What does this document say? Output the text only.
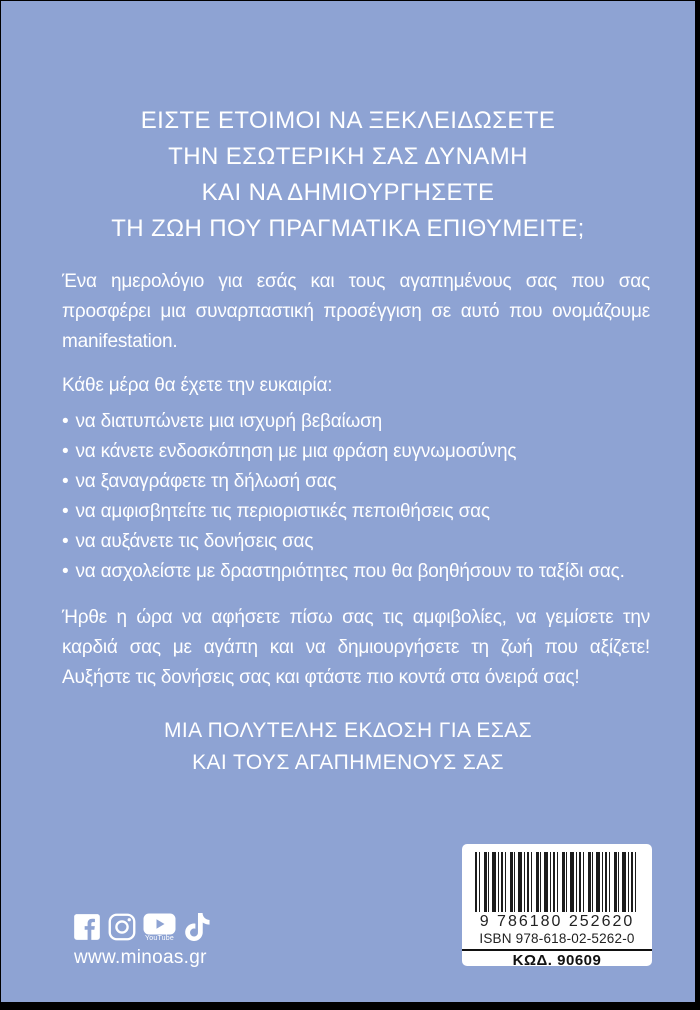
ΕΙΣΤΕ ΕΤΟΙΜΟΙ ΝΑ ΞΕΚΛΕΙΔΩΣΕΤΕ
ΤΗΝ ΕΣΩΤΕΡΙΚΗ ΣΑΣ ΔΥΝΑΜΗ
ΚΑΙ ΝΑ ΔΗΜΙΟΥΡΓΗΣΕΤΕ
ΤΗ ΖΩΗ ΠΟΥ ΠΡΑΓΜΑΤΙΚΑ ΕΠΙΘΥΜΕΙΤΕ;
Ένα ημερολόγιο για εσάς και τους αγαπημένους σας που σας προσφέρει μια συναρπαστική προσέγγιση σε αυτό που ονομάζουμε manifestation.
Κάθε μέρα θα έχετε την ευκαιρία:
• να διατυπώνετε μια ισχυρή βεβαίωση
• να κάνετε ενδοσκόπηση με μια φράση ευγνωμοσύνης
• να ξαναγράφετε τη δήλωσή σας
• να αμφισβητείτε τις περιοριστικές πεποιθήσεις σας
• να αυξάνετε τις δονήσεις σας
• να ασχολείστε με δραστηριότητες που θα βοηθήσουν το ταξίδι σας.
Ήρθε η ώρα να αφήσετε πίσω σας τις αμφιβολίες, να γεμίσετε την καρδιά σας με αγάπη και να δημιουργήσετε τη ζωή που αξίζετε! Αυξήστε τις δονήσεις σας και φτάστε πιο κοντά στα όνειρά σας!
ΜΙΑ ΠΟΛΥΤΕΛΗΣ ΕΚΔΟΣΗ ΓΙΑ ΕΣΑΣ
ΚΑΙ ΤΟΥΣ ΑΓΑΠΗΜΕΝΟΥΣ ΣΑΣ
YouTube
www.minoas.gr
9 786180 252620
ISBN 978-618-02-5262-0
ΚΩΔ. 90609
